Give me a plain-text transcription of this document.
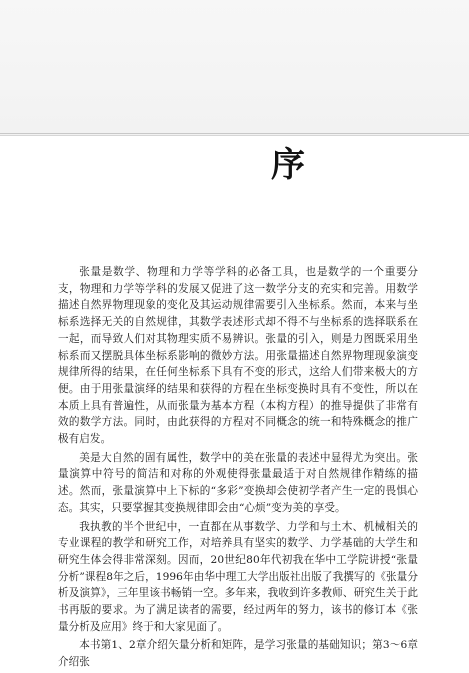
序

张量是数学、物理和力学等学科的必备工具，也是数学的一个重要分支，物理和力学等学科的发展又促进了这一数学分支的充实和完善。用数学描述自然界物理现象的变化及其运动规律需要引入坐标系。然而，本来与坐标系选择无关的自然规律，其数学表述形式却不得不与坐标系的选择联系在一起，而导致人们对其物理实质不易辨识。张量的引入，则是力图既采用坐标系而又摆脱具体坐标系影响的微妙方法。用张量描述自然界物理现象演变规律所得的结果，在任何坐标系下具有不变的形式，这给人们带来极大的方便。由于用张量演绎的结果和获得的方程在坐标变换时具有不变性，所以在本质上具有普遍性，从而张量为基本方程（本构方程）的推导提供了非常有效的数学方法。同时，由此获得的方程对不同概念的统一和特殊概念的推广极有启发。

美是大自然的固有属性，数学中的美在张量的表述中显得尤为突出。张量演算中符号的简洁和对称的外观使得张量最适于对自然规律作精练的描述。然而，张量演算中上下标的“多彩”变换却会使初学者产生一定的畏惧心态。其实，只要掌握其变换规律即会由“心烦”变为美的享受。

我执教的半个世纪中，一直都在从事数学、力学和与土木、机械相关的专业课程的教学和研究工作，对培养具有坚实的数学、力学基础的大学生和研究生体会得非常深刻。因而，20世纪80年代初我在华中工学院讲授“张量分析”课程8年之后，1996年由华中理工大学出版社出版了我撰写的《张量分析及演算》，三年里该书畅销一空。多年来，我收到许多教师、研究生关于此书再版的要求。为了满足读者的需要，经过两年的努力，该书的修订本《张量分析及应用》终于和大家见面了。

本书第1、2章介绍矢量分析和矩阵，是学习张量的基础知识；第3～6章介绍张
